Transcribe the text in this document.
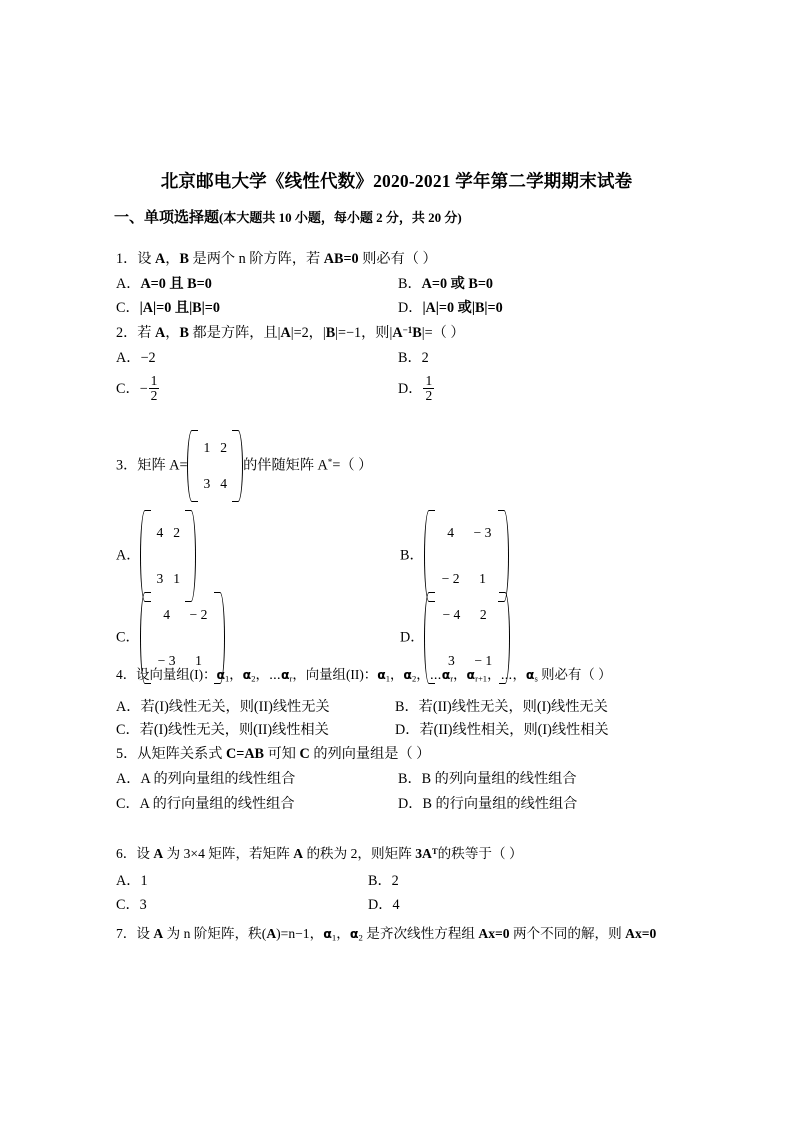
北京邮电大学《线性代数》2020-2021 学年第二学期期末试卷
一、单项选择题(本大题共 10 小题，每小题 2 分，共 20 分)
1．设 A，B 是两个 n 阶方阵，若 AB=0 则必有（ ）
A．A=0 且 B=0	B．A=0 或 B=0
C．|A|=0 且|B|=0	D．|A|=0 或|B|=0
2．若 A，B 都是方阵，且|A|=2，|B|=−1，则$|A^{-1}B|=$（ ）
A．−2	B．2
C．− $\frac{1}{2}$	D． $\frac{1}{2}$
3．矩阵 A=
1	2
3	4
的伴随矩阵 A*=（ ）
A．
4	2
3	1
B．
4	− 3
− 2	1
C．
4	− 2
− 3	1
D．
− 4	2
3	− 1
4．设向量组(I)：$\alpha_1$，$\alpha_2$，$\cdots\alpha_r$，向量组(II)：$\alpha_1$，$\alpha_2$，$\cdots\alpha_r$，$\alpha_{r+1}$，⋯，$\alpha_s$ 则必有（ ）
A．若(I)线性无关，则(II)线性无关	B．若(II)线性无关，则(I)线性无关
C．若(I)线性无关，则(II)线性相关	D．若(II)线性相关，则(I)线性相关
5．从矩阵关系式 C=AB 可知 C 的列向量组是（ ）
A．A 的列向量组的线性组合	B．B 的列向量组的线性组合
C．A 的行向量组的线性组合	D．B 的行向量组的线性组合
6．设 A 为 3×4 矩阵，若矩阵 A 的秩为 2，则矩阵 $3A^T$的秩等于（ ）
A．1	B．2
C．3	D．4
7．设 A 为 n 阶矩阵，秩(A)=n−1，$\alpha_1$，$\alpha_2$ 是齐次线性方程组 Ax=0 两个不同的解，则 Ax=0
